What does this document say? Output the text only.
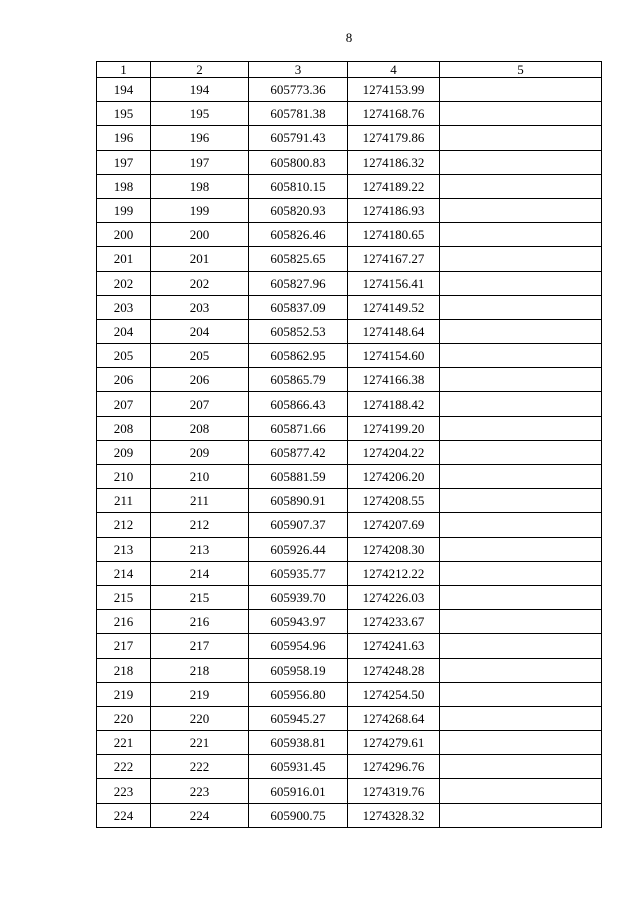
8
1	2	3	4	5
194	194	605773.36	1274153.99	
195	195	605781.38	1274168.76	
196	196	605791.43	1274179.86	
197	197	605800.83	1274186.32	
198	198	605810.15	1274189.22	
199	199	605820.93	1274186.93	
200	200	605826.46	1274180.65	
201	201	605825.65	1274167.27	
202	202	605827.96	1274156.41	
203	203	605837.09	1274149.52	
204	204	605852.53	1274148.64	
205	205	605862.95	1274154.60	
206	206	605865.79	1274166.38	
207	207	605866.43	1274188.42	
208	208	605871.66	1274199.20	
209	209	605877.42	1274204.22	
210	210	605881.59	1274206.20	
211	211	605890.91	1274208.55	
212	212	605907.37	1274207.69	
213	213	605926.44	1274208.30	
214	214	605935.77	1274212.22	
215	215	605939.70	1274226.03	
216	216	605943.97	1274233.67	
217	217	605954.96	1274241.63	
218	218	605958.19	1274248.28	
219	219	605956.80	1274254.50	
220	220	605945.27	1274268.64	
221	221	605938.81	1274279.61	
222	222	605931.45	1274296.76	
223	223	605916.01	1274319.76	
224	224	605900.75	1274328.32	
